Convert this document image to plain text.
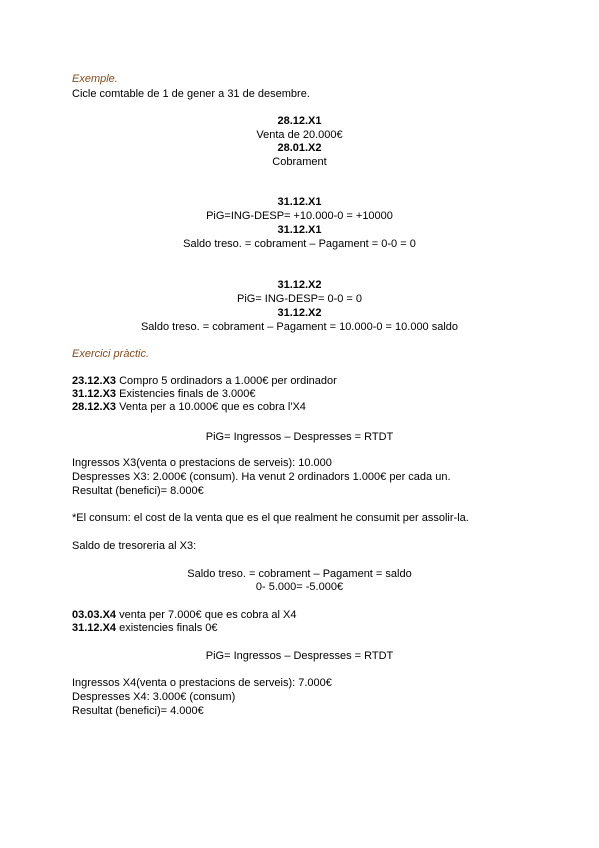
Exemple.
Cicle comtable de 1 de gener a 31 de desembre.
28.12.X1
Venta de 20.000€
28.01.X2
Cobrament
31.12.X1
PiG=ING-DESP= +10.000-0 = +10000
31.12.X1
Saldo treso. = cobrament – Pagament = 0-0 = 0
31.12.X2
PiG= ING-DESP= 0-0 = 0
31.12.X2
Saldo treso. = cobrament – Pagament = 10.000-0 = 10.000 saldo
Exercici pràctic.
23.12.X3 Compro 5 ordinadors a 1.000€ per ordinador
31.12.X3 Existencies finals de 3.000€
28.12.X3 Venta per a 10.000€ que es cobra l'X4
PiG= Ingressos – Despresses = RTDT
Ingressos X3(venta o prestacions de serveis): 10.000
Despresses X3: 2.000€ (consum). Ha venut 2 ordinadors 1.000€ per cada un.
Resultat (benefici)= 8.000€
*El consum: el cost de la venta que es el que realment he consumit per assolir-la.
Saldo de tresoreria al X3:
Saldo treso. = cobrament – Pagament = saldo
0- 5.000= -5.000€
03.03.X4 venta per 7.000€ que es cobra al X4
31.12.X4 existencies finals 0€
PiG= Ingressos – Despresses = RTDT
Ingressos X4(venta o prestacions de serveis): 7.000€
Despresses X4: 3.000€ (consum)
Resultat (benefici)= 4.000€
